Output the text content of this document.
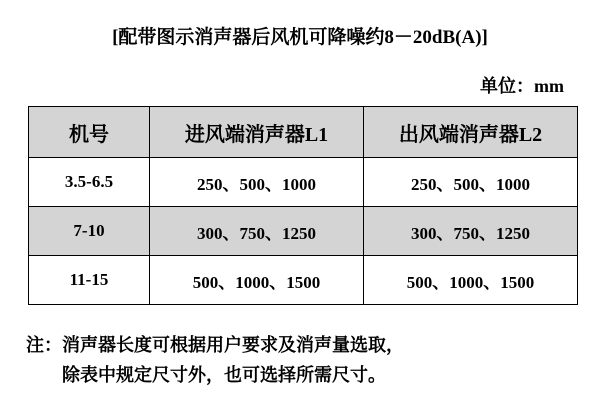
[配带图示消声器后风机可降噪约8－20dB(A)]
单位：mm
机号	进风端消声器L1	出风端消声器L2
3.5-6.5	250、500、1000	250、500、1000
7-10	300、750、1250	300、750、1250
11-15	500、1000、1500	500、1000、1500
注：消声器长度可根据用户要求及消声量选取，
除表中规定尺寸外，也可选择所需尺寸。
